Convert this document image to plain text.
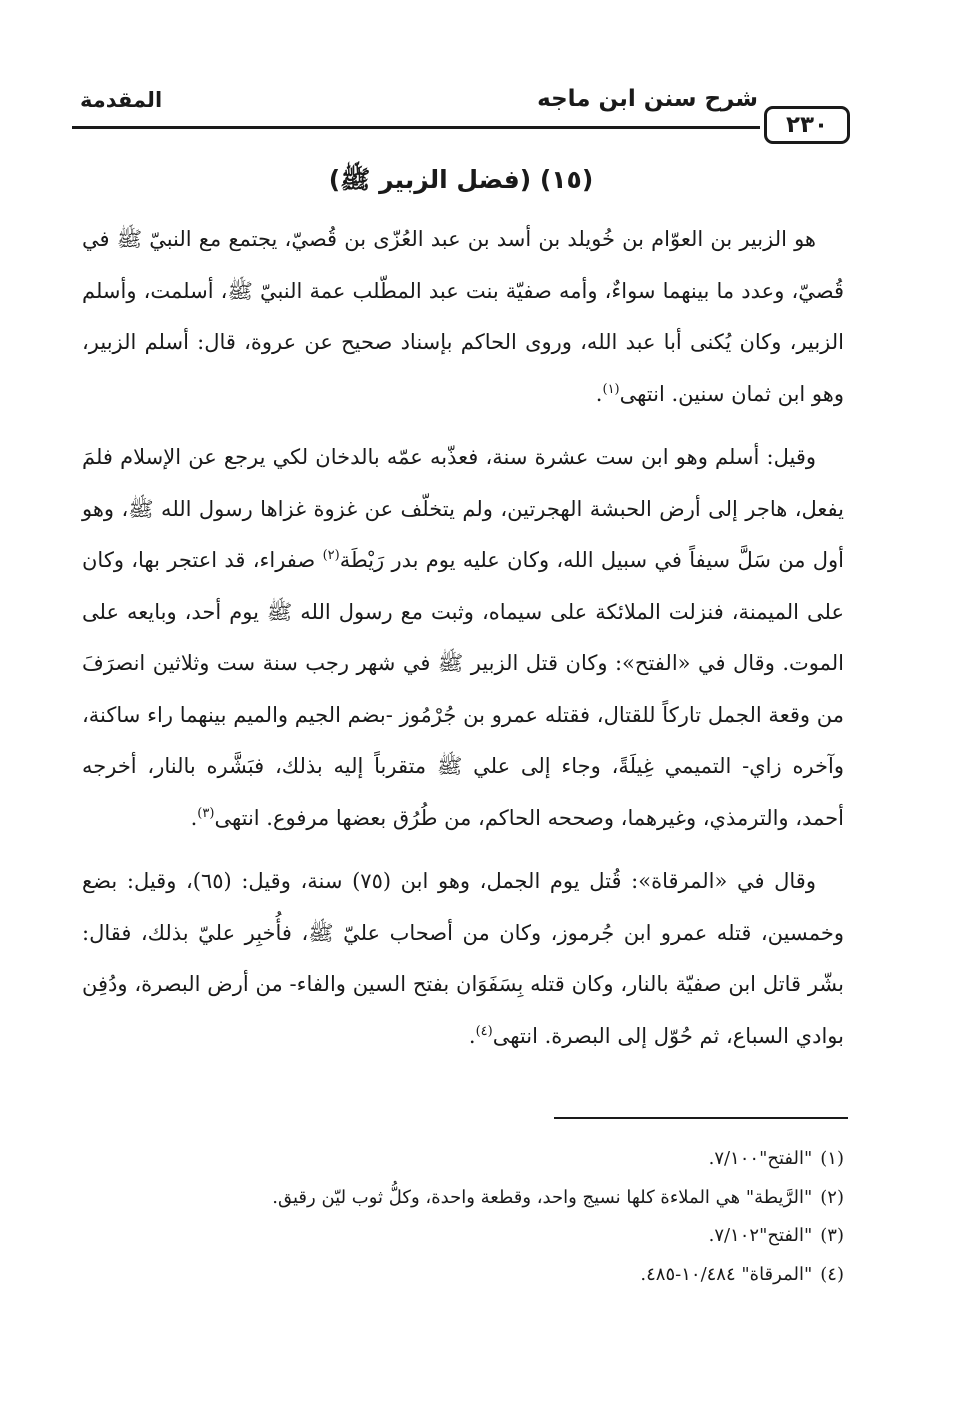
٢٣٠
شرح سنن ابن ماجه
المقدمة
(١٥) (فضل الزبير ﷺ)

هو الزبير بن العوّام بن خُويلد بن أسد بن عبد العُزّى بن قُصيّ، يجتمع مع النبيّ ﷺ في قُصيّ، وعدد ما بينهما سواءٌ، وأمه صفيّة بنت عبد المطّلب عمة النبيّ ﷺ، أسلمت، وأسلم الزبير، وكان يُكنى أبا عبد الله، وروى الحاكم بإسناد صحيح عن عروة، قال: أسلم الزبير، وهو ابن ثمان سنين. انتهى$^{(١)}$.

وقيل: أسلم وهو ابن ست عشرة سنة، فعذّبه عمّه بالدخان لكي يرجع عن الإسلام فلمَ يفعل، هاجر إلى أرض الحبشة الهجرتين، ولم يتخلّف عن غزوة غزاها رسول الله ﷺ، وهو أول من سَلَّ سيفاً في سبيل الله، وكان عليه يوم بدر رَيْطَة$^{(٢)}$ صفراء، قد اعتجر بها، وكان على الميمنة، فنزلت الملائكة على سيماه، وثبت مع رسول الله ﷺ يوم أحد، وبايعه على الموت. وقال في «الفتح»: وكان قتل الزبير ﷺ في شهر رجب سنة ست وثلاثين انصرَفَ من وقعة الجمل تاركاً للقتال، فقتله عمرو بن جُرْمُوز -بضم الجيم والميم بينهما راء ساكنة، وآخره زاي- التميمي غِيلَةً، وجاء إلى علي ﷺ متقرباً إليه بذلك، فبَشَّره بالنار، أخرجه أحمد، والترمذي، وغيرهما، وصححه الحاكم، من طُرُق بعضها مرفوع. انتهى$^{(٣)}$.

وقال في «المرقاة»: قُتل يوم الجمل، وهو ابن (٧٥) سنة، وقيل: (٦٥)، وقيل: بضع وخمسين، قتله عمرو ابن جُرموز، وكان من أصحاب عليّ ﷺ، فأُخبِر عليّ بذلك، فقال: بشّر قاتل ابن صفيّة بالنار، وكان قتله بِسَفَوَان بفتح السين والفاء- من أرض البصرة، ودُفِن بوادي السباع، ثم حُوّل إلى البصرة. انتهى$^{(٤)}$.

(١)"الفتح"٧/١٠٠.
(٢)"الرَّيطة" هي الملاءة كلها نسيج واحد، وقطعة واحدة، وكلُّ ثوب ليّن رقيق.
(٣)"الفتح"٧/١٠٢.
(٤)"المرقاة" ١٠/٤٨٤-٤٨٥.
